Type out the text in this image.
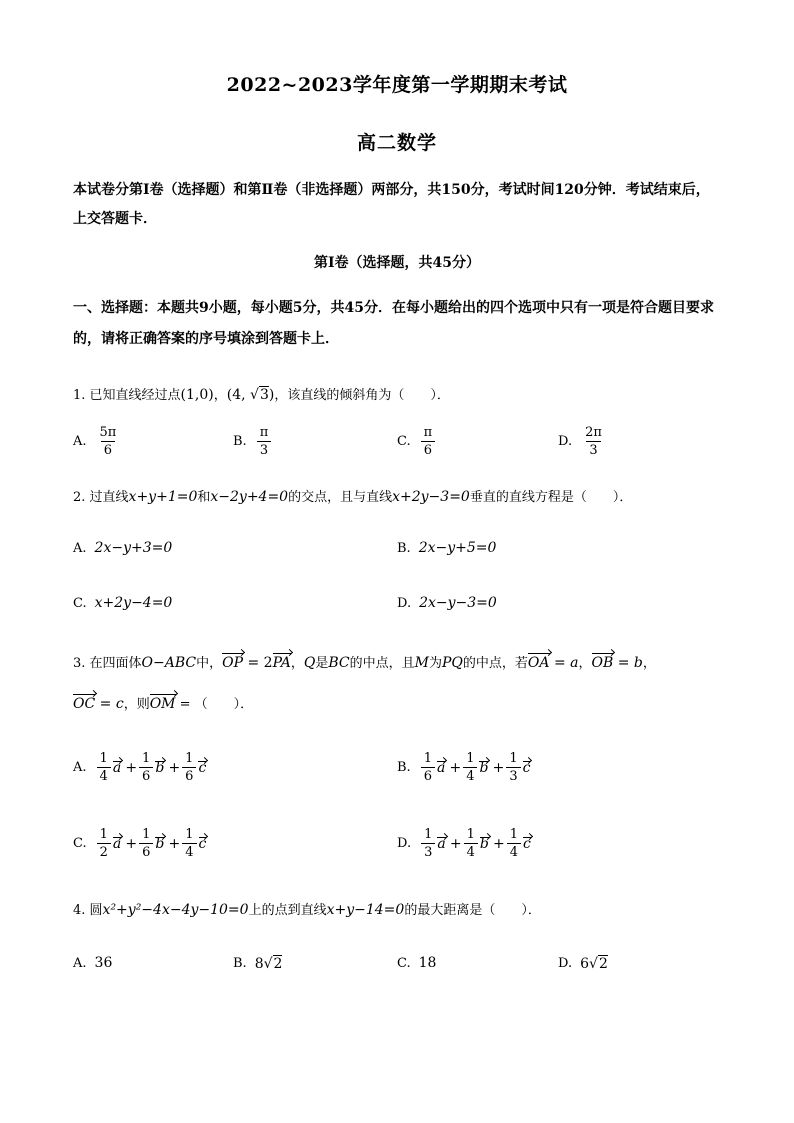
2022~2023学年度第一学期期末考试
高二数学
本试卷分第Ⅰ卷（选择题）和第Ⅱ卷（非选择题）两部分，共150分，考试时间120分钟．考试结束后，上交答题卡．
第Ⅰ卷（选择题，共45分）
一、选择题：本题共9小题，每小题5分，共45分．在每小题给出的四个选项中只有一项是符合题目要求的，请将正确答案的序号填涂到答题卡上．
1. 已知直线经过点(1,0)，(4, √3)，该直线的倾斜角为（　　）．
A. $\frac{5\pi}{6}$	B. $\frac{\pi}{3}$	C. $\frac{\pi}{6}$	D. $\frac{2\pi}{3}$
2. 过直线x+y+1=0和x−2y+4=0的交点，且与直线x+2y−3=0垂直的直线方程是（　　）．
A. 2x−y+3=0	B. 2x−y+5=0
C. x+2y−4=0	D. 2x−y−3=0
3. 在四面体O−ABC中，OP = 2PA，Q是BC的中点，且M为PQ的中点，若OA = a，OB = b，
OC = c，则OM = （　　）．
A. $\frac{1}{4}$ a
+ $\frac{1}{6}$ b
+ $\frac{1}{6}$ c	B. $\frac{1}{6}$ a
+ $\frac{1}{4}$ b
+ $\frac{1}{3}$ c
C. $\frac{1}{2}$ a
+ $\frac{1}{6}$ b
+ $\frac{1}{4}$ c	D. $\frac{1}{3}$ a
+ $\frac{1}{4}$ b
+ $\frac{1}{4}$ c
4. 圆x²+y²−4x−4y−10=0上的点到直线x+y−14=0的最大距离是（　　）．
A. 36	B. 8 √ 2	C. 18	D. 6 √ 2
